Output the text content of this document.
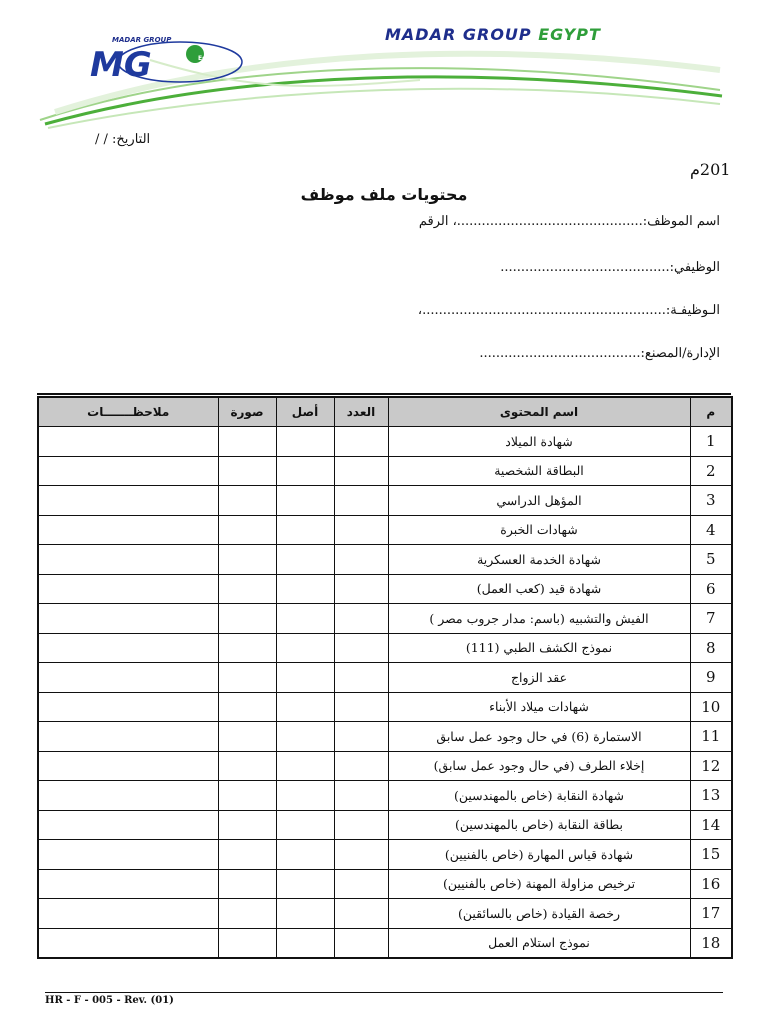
MADAR GROUP
MG	Egypt
MADAR GROUP EGYPT
التاريخ: / /
201م
محتويات ملف موظف
اسم الموظف:.............................................، الرقم
الوظيفي:.........................................
الـوظيفـة:...........................................................،
الإدارة/المصنع:.......................................
م	اسم المحتوى	العدد	أصل	صورة	ملاحظـــــــات
1	شهادة الميلاد				
2	البطاقة الشخصية				
3	المؤهل الدراسي				
4	شهادات الخبرة				
5	شهادة الخدمة العسكرية				
6	شهادة قيد (كعب العمل)				
7	الفيش والتشبيه (باسم: مدار جروب مصر )				
8	نموذج الكشف الطبي (111)				
9	عقد الزواج				
10	شهادات ميلاد الأبناء				
11	الاستمارة (6) في حال وجود عمل سابق				
12	إخلاء الطرف (في حال وجود عمل سابق)				
13	شهادة النقابة (خاص بالمهندسين)				
14	بطاقة النقابة (خاص بالمهندسين)				
15	شهادة قياس المهارة (خاص بالفنيين)				
16	ترخيص مزاولة المهنة (خاص بالفنيين)				
17	رخصة القيادة (خاص بالسائقين)				
18	نموذج استلام العمل				
HR - F - 005 - Rev. (01)
